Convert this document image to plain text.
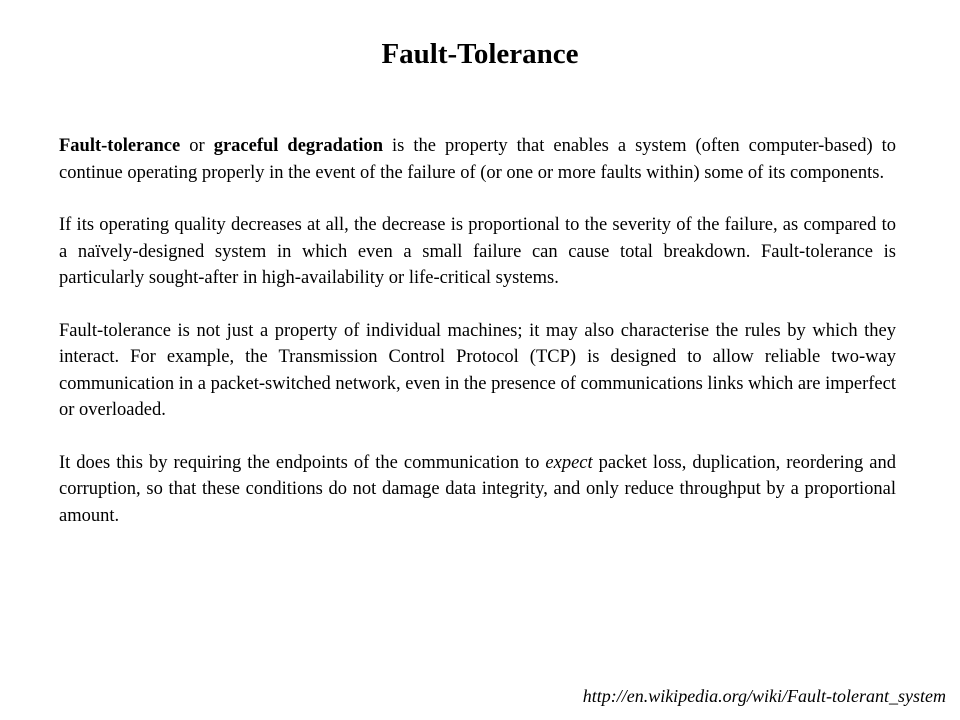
Fault-Tolerance

Fault-tolerance or graceful degradation is the property that enables a system (often computer-based) to continue operating properly in the event of the failure of (or one or more faults within) some of its components.

If its operating quality decreases at all, the decrease is proportional to the severity of the failure, as compared to a naïvely-designed system in which even a small failure can cause total breakdown. Fault-tolerance is particularly sought-after in high-availability or life-critical systems.

Fault-tolerance is not just a property of individual machines; it may also characterise the rules by which they interact. For example, the Transmission Control Protocol (TCP) is designed to allow reliable two-way communication in a packet-switched network, even in the presence of communications links which are imperfect or overloaded.

It does this by requiring the endpoints of the communication to expect packet loss, duplication, reordering and corruption, so that these conditions do not damage data integrity, and only reduce throughput by a proportional amount.

http://en.wikipedia.org/wiki/Fault-tolerant_system
